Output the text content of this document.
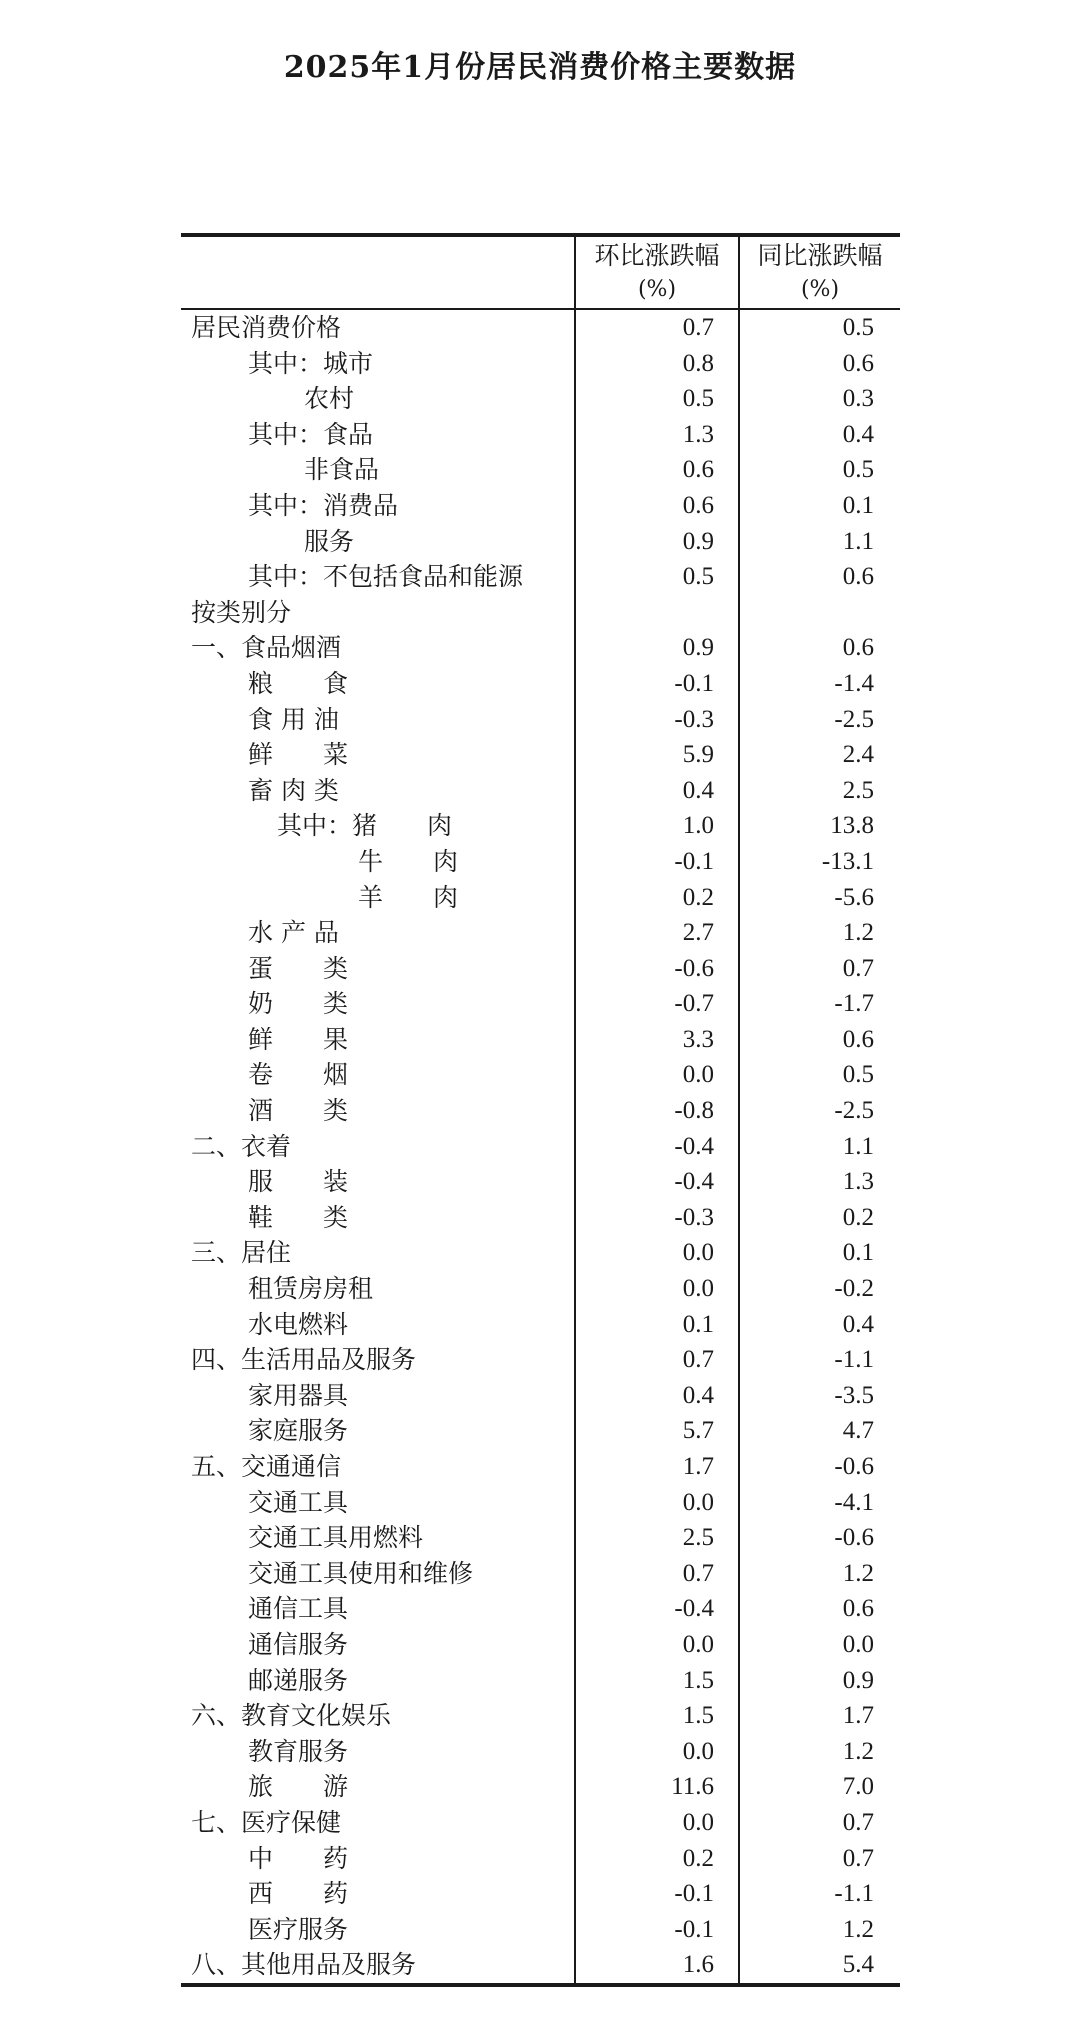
2025年1月份居民消费价格主要数据
环比涨跌幅
(%)
同比涨跌幅
(%)
居民消费价格	0.7	0.5
其中：城市	0.8	0.6
农村	0.5	0.3
其中：食品	1.3	0.4
非食品	0.6	0.5
其中：消费品	0.6	0.1
服务	0.9	1.1
其中：不包括食品和能源	0.5	0.6
按类别分
一、食品烟酒	0.9	0.6
粮　　食	-0.1	-1.4
食 用 油	-0.3	-2.5
鲜　　菜	5.9	2.4
畜 肉 类	0.4	2.5
其中：猪　　肉	1.0	13.8
牛　　肉	-0.1	-13.1
羊　　肉	0.2	-5.6
水 产 品	2.7	1.2
蛋　　类	-0.6	0.7
奶　　类	-0.7	-1.7
鲜　　果	3.3	0.6
卷　　烟	0.0	0.5
酒　　类	-0.8	-2.5
二、衣着	-0.4	1.1
服　　装	-0.4	1.3
鞋　　类	-0.3	0.2
三、居住	0.0	0.1
租赁房房租	0.0	-0.2
水电燃料	0.1	0.4
四、生活用品及服务	0.7	-1.1
家用器具	0.4	-3.5
家庭服务	5.7	4.7
五、交通通信	1.7	-0.6
交通工具	0.0	-4.1
交通工具用燃料	2.5	-0.6
交通工具使用和维修	0.7	1.2
通信工具	-0.4	0.6
通信服务	0.0	0.0
邮递服务	1.5	0.9
六、教育文化娱乐	1.5	1.7
教育服务	0.0	1.2
旅　　游	11.6	7.0
七、医疗保健	0.0	0.7
中　　药	0.2	0.7
西　　药	-0.1	-1.1
医疗服务	-0.1	1.2
八、其他用品及服务	1.6	5.4
